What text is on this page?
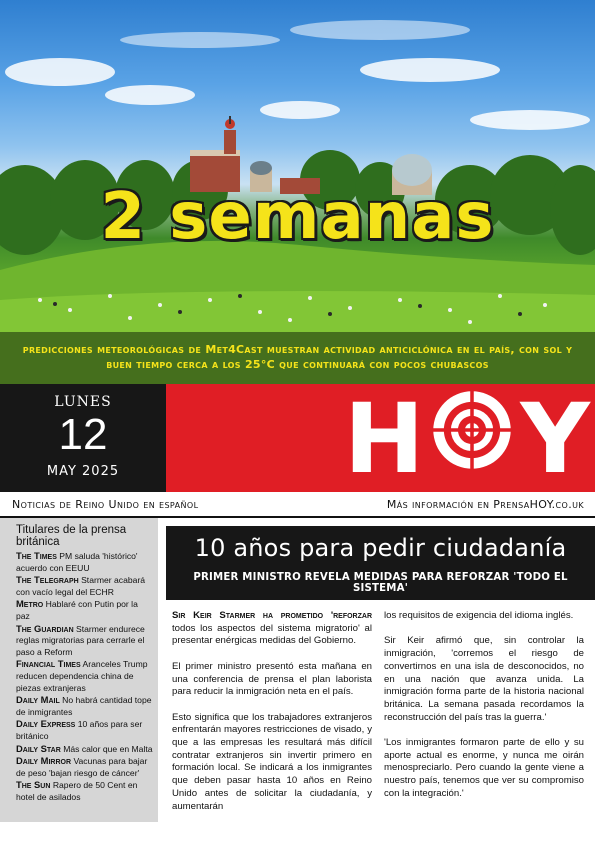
2 semanas

predicciones meteorológicas de Met4Cast muestran actividad anticiclónica en el país, con sol y buen tiempo cerca a los 25°C que continuará con pocos chubascos

LUNES
12
MAY 2025	H Y
Noticias de Reino Unido en español	Más información en PrensaHOY.co.uk
Titulares de la prensa británica
The Times PM saluda 'histórico' acuerdo con EEUU
The Telegraph Starmer acabará con vacío legal del ECHR
Metro Hablaré con Putin por la paz
The Guardian Starmer endurece reglas migratorias para cerrarle el paso a Reform
Financial Times Aranceles Trump reducen dependencia china de piezas extranjeras
Daily Mail No habrá cantidad tope de inmigrantes
Daily Express 10 años para ser británico
Daily Star Más calor que en Malta
Daily Mirror Vacunas para bajar de peso 'bajan riesgo de cáncer'
The Sun Rapero de 50 Cent en hotel de asilados
10 años para pedir ciudadanía
PRIMER MINISTRO REVELA MEDIDAS PARA REFORZAR 'TODO EL SISTEMA'

Sir Keir Starmer ha prometido 'reforzar todos los aspectos del sistema migratorio' al presentar enérgicas medidas del Gobierno.

El primer ministro presentó esta mañana en una conferencia de prensa el plan laborista para reducir la inmigración neta en el país.

Esto significa que los trabajadores extranjeros enfrentarán mayores restricciones de visado, y que a las empresas les resultará más difícil contratar extranjeros sin invertir primero en formación local. Se indicará a los inmigrantes que deben pasar hasta 10 años en Reino Unido antes de solicitar la ciudadanía, y aumentarán

los requisitos de exigencia del idioma inglés.

Sir Keir afirmó que, sin controlar la inmigración, 'corremos el riesgo de convertirnos en una isla de desconocidos, no en una nación que avanza unida. La inmigración forma parte de la historia nacional británica. La semana pasada recordamos la reconstrucción del país tras la guerra.'

'Los inmigrantes formaron parte de ello y su aporte actual es enorme, y nunca me oirán menospreciarlo. Pero cuando la gente viene a nuestro país, tenemos que ver su compromiso con la integración.'
